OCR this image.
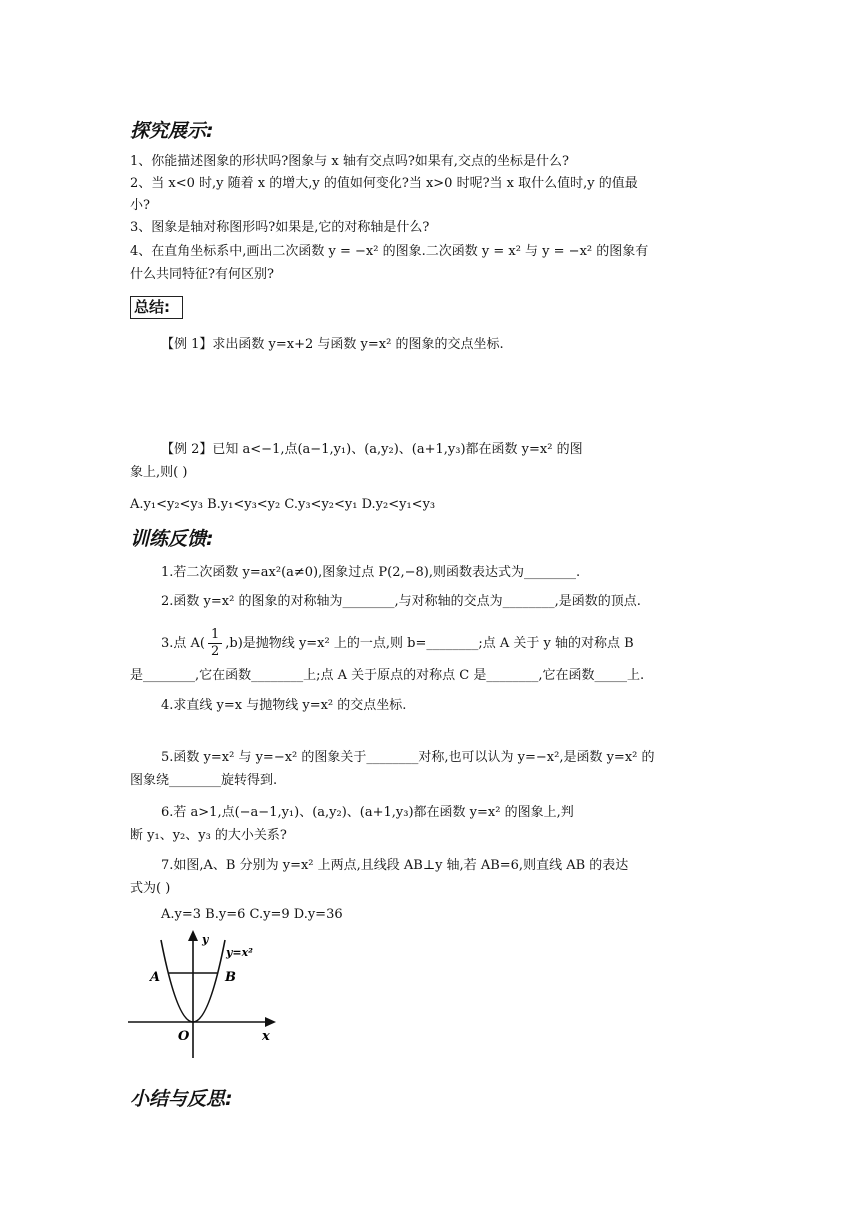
探究展示:
1、你能描述图象的形状吗?图象与 x 轴有交点吗?如果有,交点的坐标是什么?
2、当 x<0 时,y 随着 x 的增大,y 的值如何变化?当 x>0 时呢?当 x 取什么值时,y 的值最
小?
3、图象是轴对称图形吗?如果是,它的对称轴是什么?
4、在直角坐标系中,画出二次函数 y = −x² 的图象.二次函数 y = x² 与 y = −x² 的图象有
什么共同特征?有何区别?
总结:
【例 1】求出函数 y=x+2 与函数 y=x² 的图象的交点坐标.
【例 2】已知 a<−1,点(a−1,y₁)、(a,y₂)、(a+1,y₃)都在函数 y=x² 的图
象上,则( )
A.y₁<y₂<y₃ B.y₁<y₃<y₂ C.y₃<y₂<y₁ D.y₂<y₁<y₃
训练反馈:
1.若二次函数 y=ax²(a≠0),图象过点 P(2,−8),则函数表达式为________.
2.函数 y=x² 的图象的对称轴为________,与对称轴的交点为________,是函数的顶点.
3.点 $A( \frac{1}{2} ,b)$是抛物线 y=x² 上的一点,则 b=________;点 A 关于 y 轴的对称点 B
是________,它在函数________上;点 A 关于原点的对称点 C 是________,它在函数_____上.
4.求直线 y=x 与抛物线 y=x² 的交点坐标.
5.函数 y=x² 与 y=−x² 的图象关于________对称,也可以认为 y=−x²,是函数 y=x² 的
图象绕________旋转得到.
6.若 a>1,点(−a−1,y₁)、(a,y₂)、(a+1,y₃)都在函数 y=x² 的图象上,判
断 y₁、y₂、y₃ 的大小关系?
7.如图,A、B 分别为 y=x² 上两点,且线段 AB⊥y 轴,若 AB=6,则直线 AB 的表达
式为( )
A.y=3 B.y=6 C.y=9 D.y=36
y
y=x²
A	B
O	x
小结与反思:
